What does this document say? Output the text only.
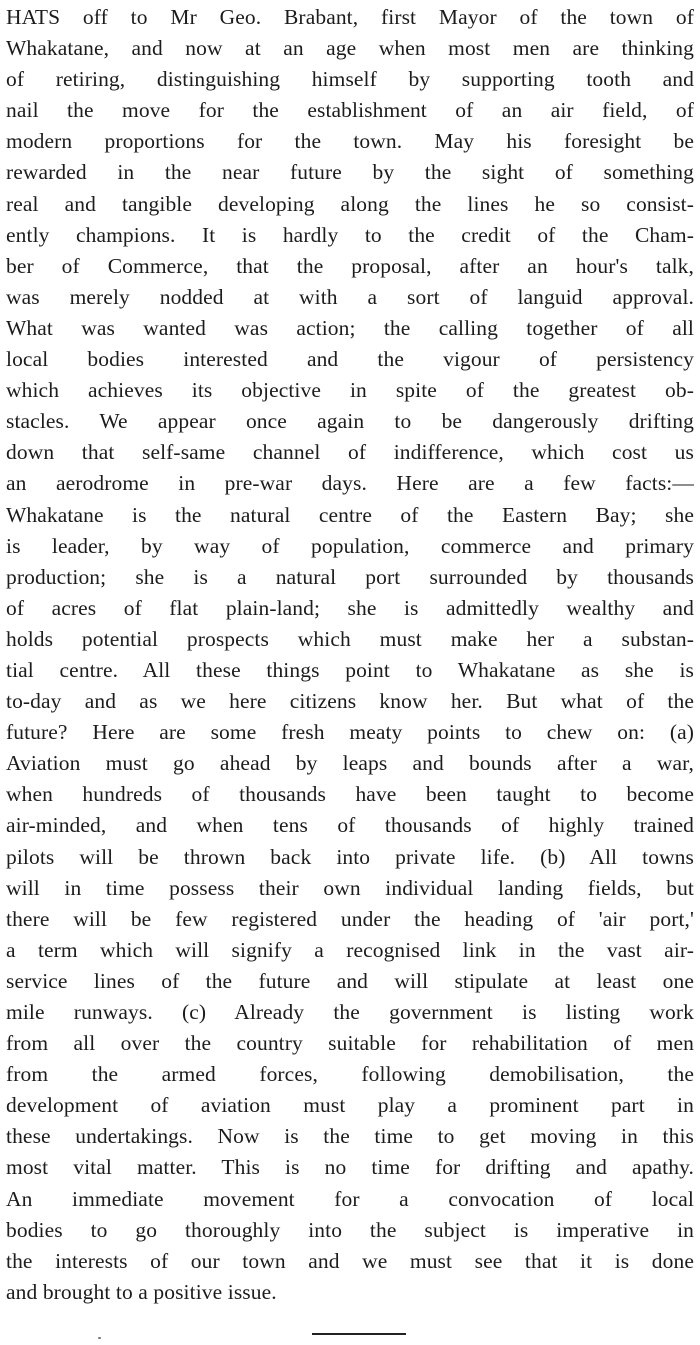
HATS off to Mr Geo. Brabant, first Mayor of the town of
Whakatane, and now at an age when most men are thinking
of retiring, distinguishing himself by supporting tooth and
nail the move for the establishment of an air field, of
modern proportions for the town. May his foresight be
rewarded in the near future by the sight of something
real and tangible developing along the lines he so consist-
ently champions. It is hardly to the credit of the Cham-
ber of Commerce, that the proposal, after an hour's talk,
was merely nodded at with a sort of languid approval.
What was wanted was action; the calling together of all
local bodies interested and the vigour of persistency
which achieves its objective in spite of the greatest ob-
stacles. We appear once again to be dangerously drifting
down that self-same channel of indifference, which cost us
an aerodrome in pre-war days. Here are a few facts:—
Whakatane is the natural centre of the Eastern Bay; she
is leader, by way of population, commerce and primary
production; she is a natural port surrounded by thousands
of acres of flat plain-land; she is admittedly wealthy and
holds potential prospects which must make her a substan-
tial centre. All these things point to Whakatane as she is
to-day and as we here citizens know her. But what of the
future? Here are some fresh meaty points to chew on: (a)
Aviation must go ahead by leaps and bounds after a war,
when hundreds of thousands have been taught to become
air-minded, and when tens of thousands of highly trained
pilots will be thrown back into private life. (b) All towns
will in time possess their own individual landing fields, but
there will be few registered under the heading of 'air port,'
a term which will signify a recognised link in the vast air-
service lines of the future and will stipulate at least one
mile runways. (c) Already the government is listing work
from all over the country suitable for rehabilitation of men
from the armed forces, following demobilisation, the
development of aviation must play a prominent part in
these undertakings. Now is the time to get moving in this
most vital matter. This is no time for drifting and apathy.
An immediate movement for a convocation of local
bodies to go thoroughly into the subject is imperative in
the interests of our town and we must see that it is done
and brought to a positive issue.
